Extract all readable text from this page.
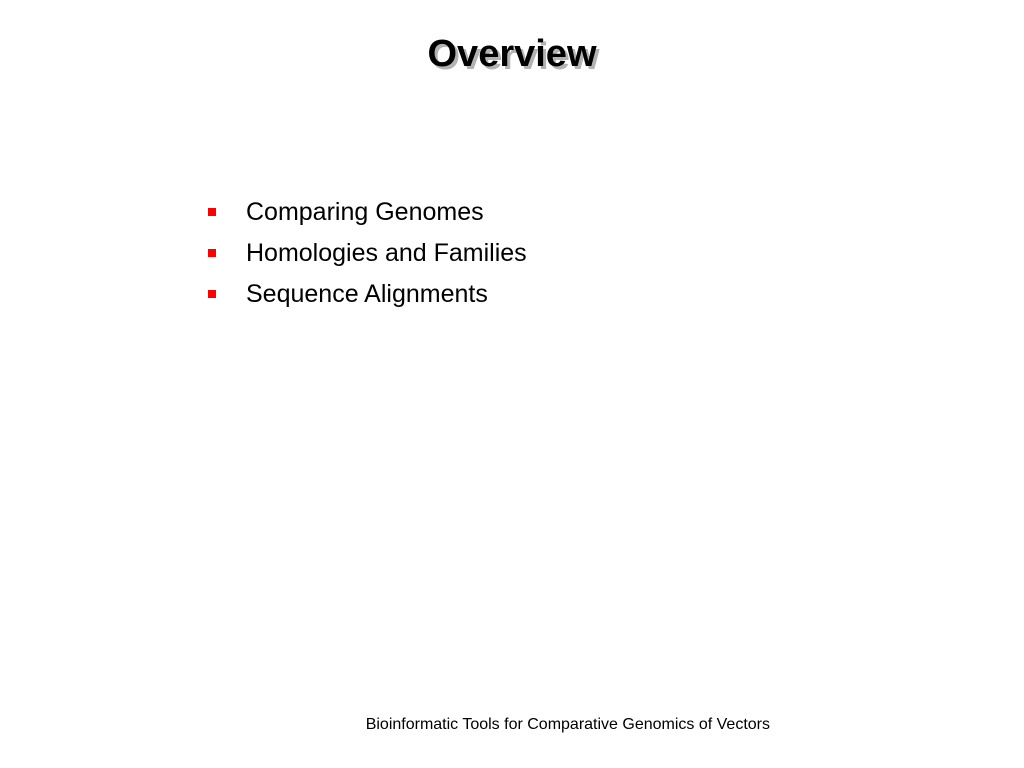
Overview
Comparing Genomes
Homologies and Families
Sequence Alignments
Bioinformatic Tools for Comparative Genomics of Vectors
